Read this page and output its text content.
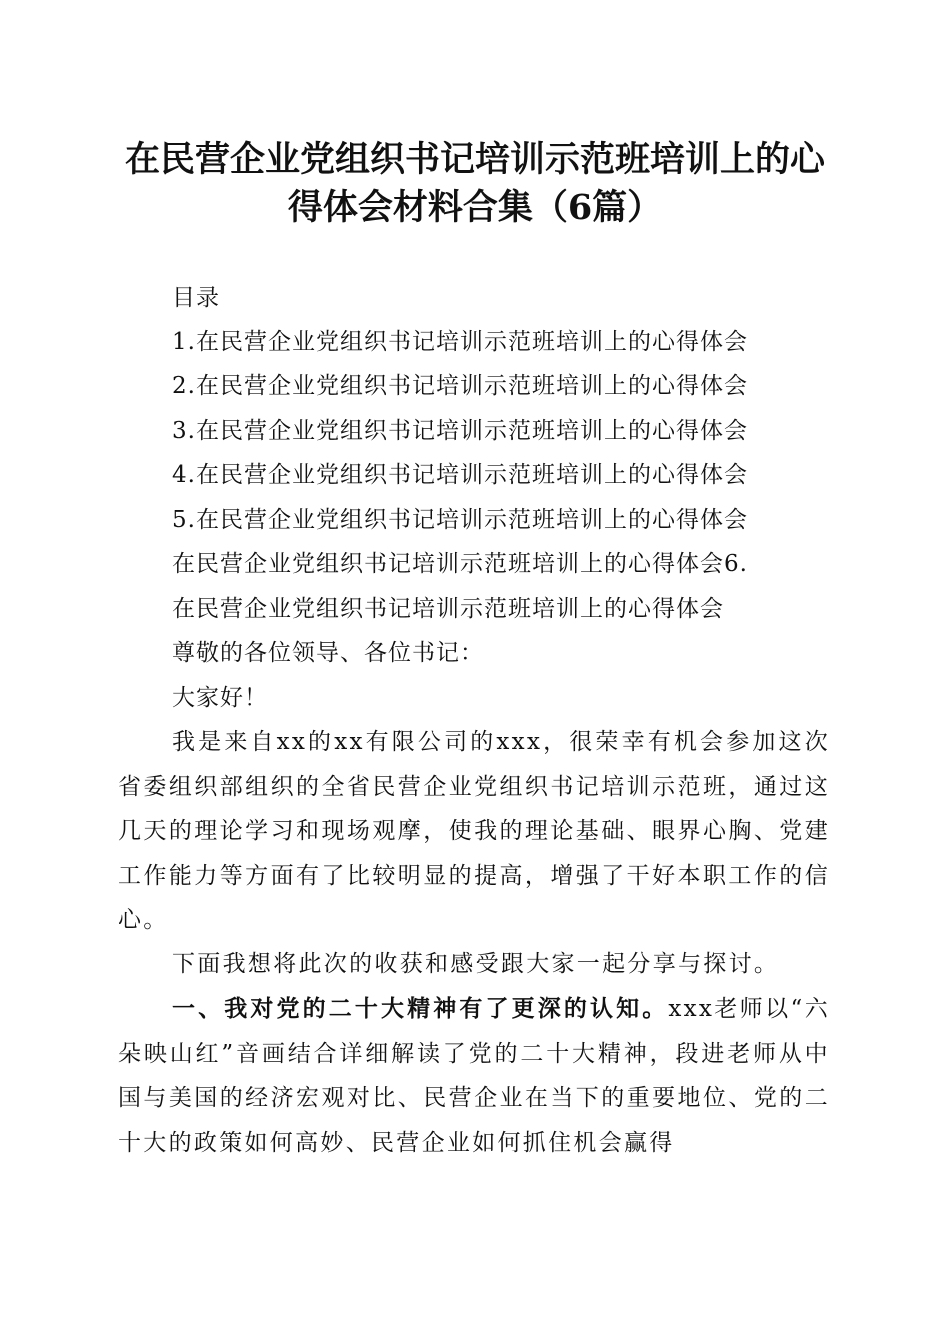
在民营企业党组织书记培训示范班培训上的心
得体会材料合集（6篇）
目录
1.在民营企业党组织书记培训示范班培训上的心得体会
2.在民营企业党组织书记培训示范班培训上的心得体会
3.在民营企业党组织书记培训示范班培训上的心得体会
4.在民营企业党组织书记培训示范班培训上的心得体会
5.在民营企业党组织书记培训示范班培训上的心得体会
在民营企业党组织书记培训示范班培训上的心得体会6.
在民营企业党组织书记培训示范班培训上的心得体会
尊敬的各位领导、各位书记：
大家好！
我是来自xx的xx有限公司的xxx，很荣幸有机会参加这次省委组织部组织的全省民营企业党组织书记培训示范班，通过这几天的理论学习和现场观摩，使我的理论基础、眼界心胸、党建工作能力等方面有了比较明显的提高，增强了干好本职工作的信心。
下面我想将此次的收获和感受跟大家一起分享与探讨。
一、我对党的二十大精神有了更深的认知。xxx老师以“六朵映山红”音画结合详细解读了党的二十大精神，段进老师从中国与美国的经济宏观对比、民营企业在当下的重要地位、党的二十大的政策如何高妙、民营企业如何抓住机会赢得
